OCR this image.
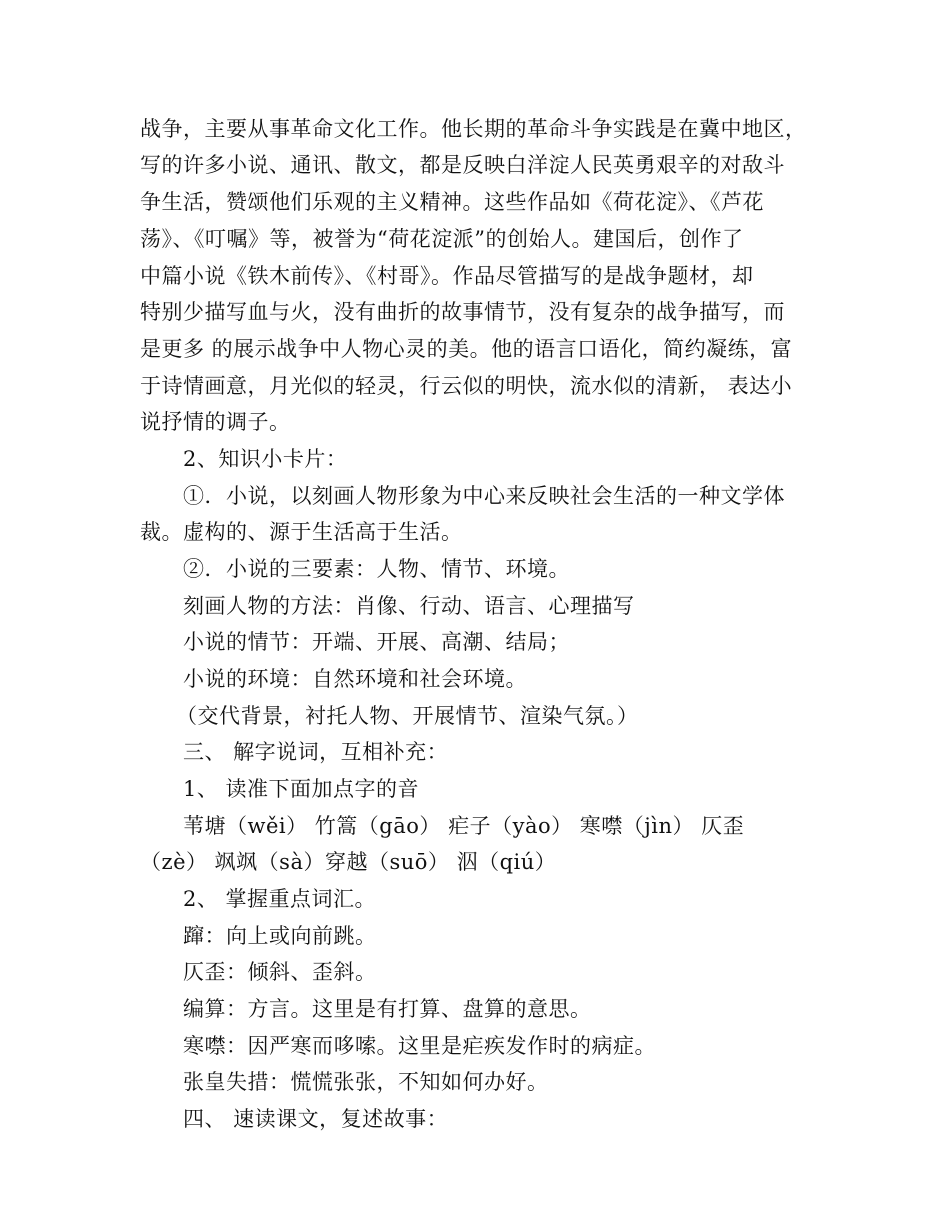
战争，主要从事革命文化工作。他长期的革命斗争实践是在冀中地区，
写的许多小说、通讯、散文，都是反映白洋淀人民英勇艰辛的对敌斗
争生活，赞颂他们乐观的主义精神。这些作品如《荷花淀》、《芦花
荡》、《叮嘱》等，被誉为“荷花淀派”的创始人。建国后，创作了
中篇小说《铁木前传》、《村哥》。作品尽管描写的是战争题材，却
特别少描写血与火，没有曲折的故事情节，没有复杂的战争描写，而
是更多 的展示战争中人物心灵的美。他的语言口语化，简约凝练，富
于诗情画意，月光似的轻灵，行云似的明快，流水似的清新， 表达小
说抒情的调子。
2、知识小卡片：
①．小说，以刻画人物形象为中心来反映社会生活的一种文学体
裁。虚构的、源于生活高于生活。
②．小说的三要素：人物、情节、环境。
刻画人物的方法：肖像、行动、语言、心理描写
小说的情节：开端、开展、高潮、结局；
小说的环境：自然环境和社会环境。
（交代背景，衬托人物、开展情节、渲染气氛。）
三、 解字说词，互相补充：
1、 读准下面加点字的音
苇塘（wěi） 竹篙（gāo） 疟子（yào） 寒噤（jìn） 仄歪
（zè） 飒飒（sà）穿越（suō） 泅（qiú）
2、 掌握重点词汇。
蹿：向上或向前跳。
仄歪：倾斜、歪斜。
编算：方言。这里是有打算、盘算的意思。
寒噤：因严寒而哆嗦。这里是疟疾发作时的病症。
张皇失措：慌慌张张，不知如何办好。
四、 速读课文，复述故事：
